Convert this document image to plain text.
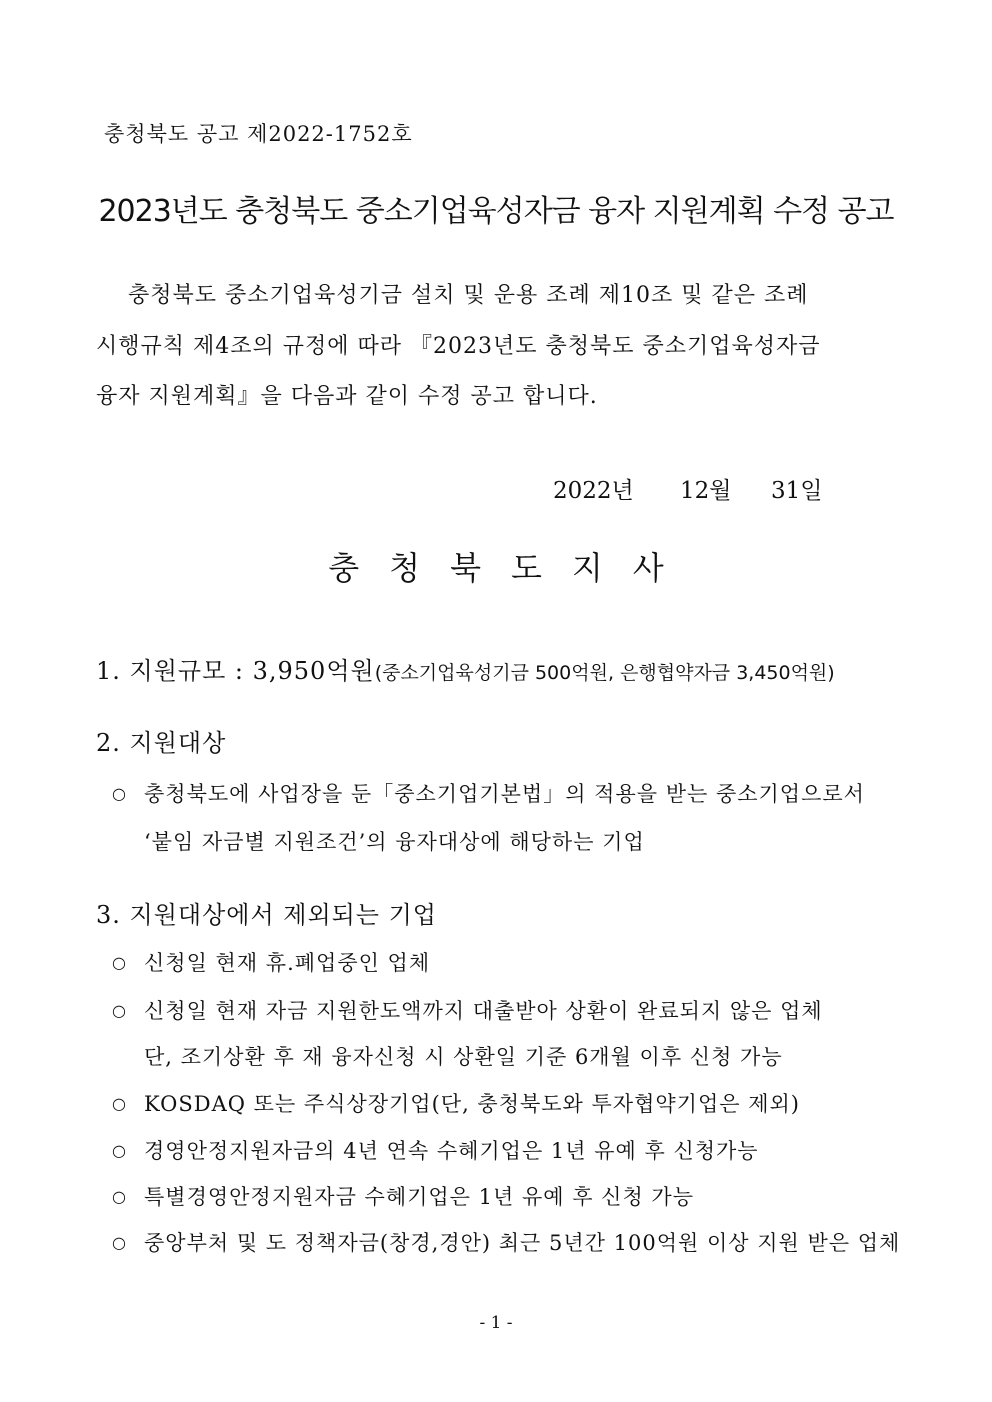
충청북도 공고 제2022-1752호
2023년도 충청북도 중소기업육성자금 융자 지원계획 수정 공고
충청북도 중소기업육성기금 설치 및 운용 조례 제10조 및 같은 조례
시행규칙 제4조의 규정에 따라 『2023년도 충청북도 중소기업육성자금
융자 지원계획』을 다음과 같이 수정 공고 합니다.
2022년 12월 31일
충청북도지사
1. 지원규모 : 3,950억원(중소기업육성기금 500억원, 은행협약자금 3,450억원)
2. 지원대상
○ 충청북도에 사업장을 둔「중소기업기본법」의 적용을 받는 중소기업으로서
‘붙임 자금별 지원조건’의 융자대상에 해당하는 기업
3. 지원대상에서 제외되는 기업
○ 신청일 현재 휴.폐업중인 업체
○ 신청일 현재 자금 지원한도액까지 대출받아 상환이 완료되지 않은 업체
단, 조기상환 후 재 융자신청 시 상환일 기준 6개월 이후 신청 가능
○ KOSDAQ 또는 주식상장기업(단, 충청북도와 투자협약기업은 제외)
○ 경영안정지원자금의 4년 연속 수혜기업은 1년 유예 후 신청가능
○ 특별경영안정지원자금 수혜기업은 1년 유예 후 신청 가능
○ 중앙부처 및 도 정책자금(창경,경안) 최근 5년간 100억원 이상 지원 받은 업체
- 1 -
